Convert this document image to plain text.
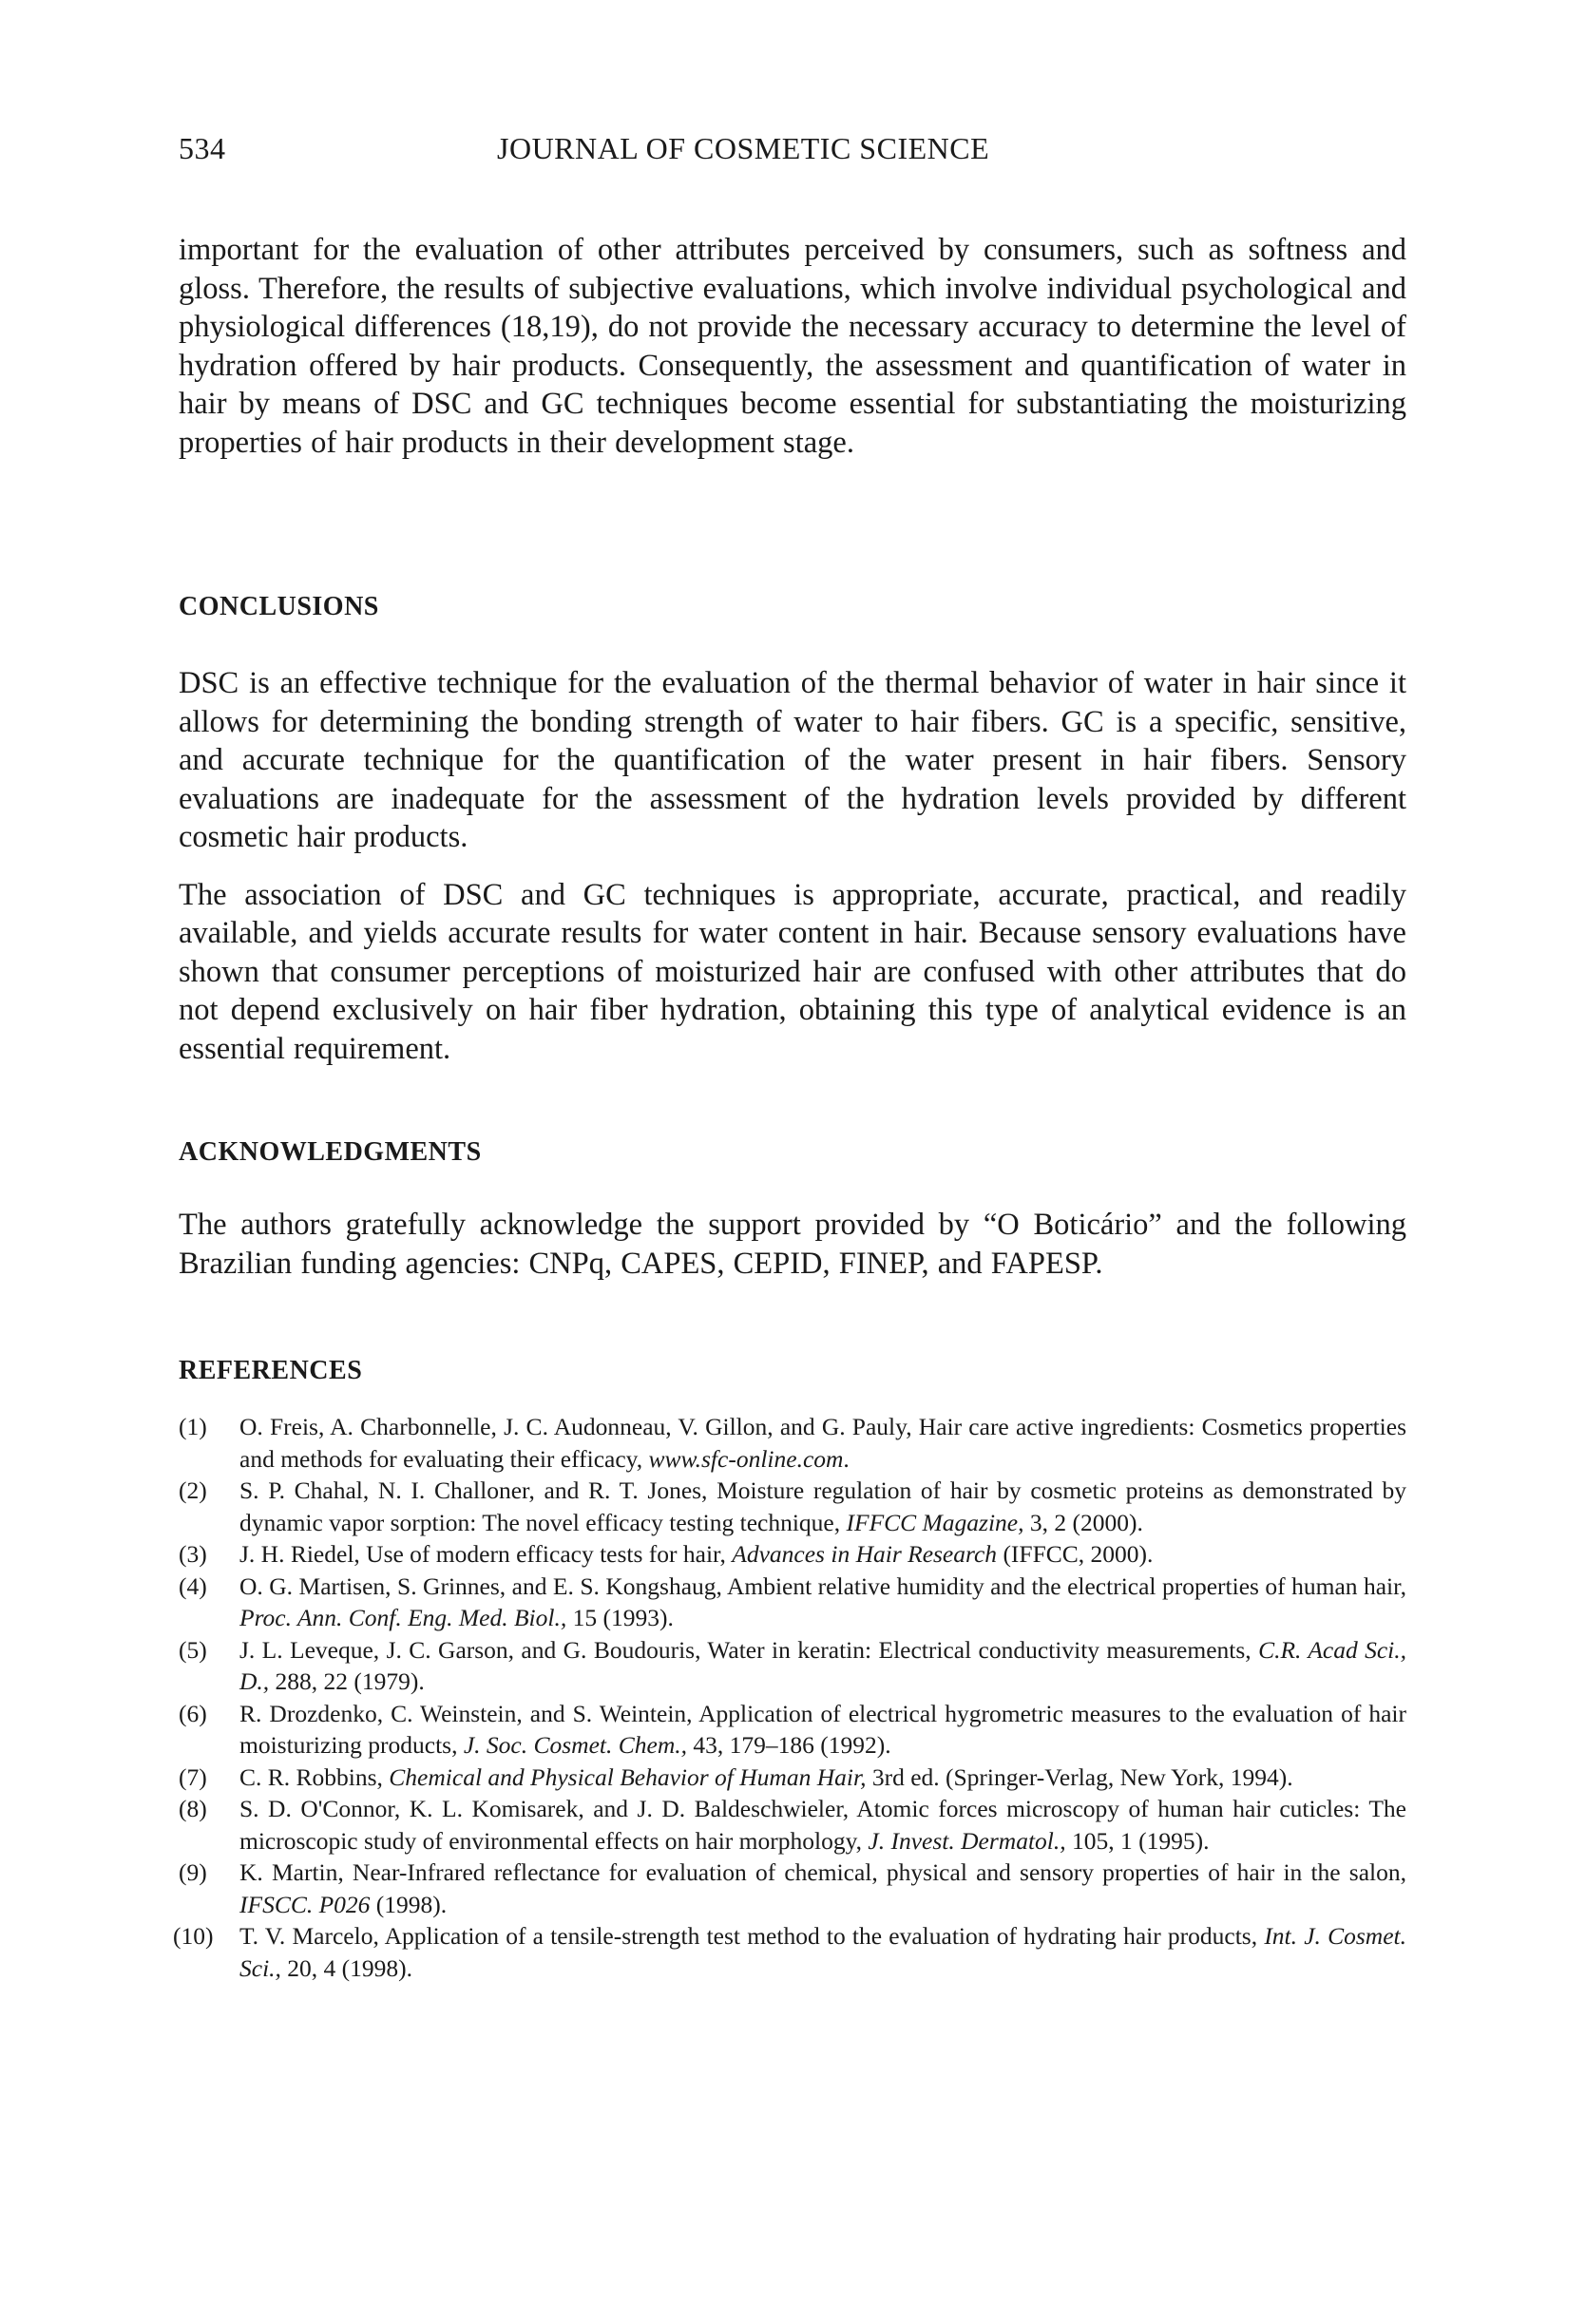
534	JOURNAL OF COSMETIC SCIENCE

important for the evaluation of other attributes perceived by consumers, such as softness and gloss. Therefore, the results of subjective evaluations, which involve individual psychological and physiological differences (18,19), do not provide the necessary accuracy to determine the level of hydration offered by hair products. Consequently, the assessment and quantification of water in hair by means of DSC and GC techniques become essential for substantiating the moisturizing properties of hair products in their development stage.

CONCLUSIONS

DSC is an effective technique for the evaluation of the thermal behavior of water in hair since it allows for determining the bonding strength of water to hair fibers. GC is a specific, sensitive, and accurate technique for the quantification of the water present in hair fibers. Sensory evaluations are inadequate for the assessment of the hydration levels provided by different cosmetic hair products.

The association of DSC and GC techniques is appropriate, accurate, practical, and readily available, and yields accurate results for water content in hair. Because sensory evaluations have shown that consumer perceptions of moisturized hair are confused with other attributes that do not depend exclusively on hair fiber hydration, obtaining this type of analytical evidence is an essential requirement.

ACKNOWLEDGMENTS

The authors gratefully acknowledge the support provided by “O Boticário” and the following Brazilian funding agencies: CNPq, CAPES, CEPID, FINEP, and FAPESP.

REFERENCES
(1)	O. Freis, A. Charbonnelle, J. C. Audonneau, V. Gillon, and G. Pauly, Hair care active ingredients: Cosmetics properties and methods for evaluating their efficacy, www.sfc-online.com.
(2)	S. P. Chahal, N. I. Challoner, and R. T. Jones, Moisture regulation of hair by cosmetic proteins as demonstrated by dynamic vapor sorption: The novel efficacy testing technique, IFFCC Magazine, 3, 2 (2000).
(3)	J. H. Riedel, Use of modern efficacy tests for hair, Advances in Hair Research (IFFCC, 2000).
(4)	O. G. Martisen, S. Grinnes, and E. S. Kongshaug, Ambient relative humidity and the electrical properties of human hair, Proc. Ann. Conf. Eng. Med. Biol., 15 (1993).
(5)	J. L. Leveque, J. C. Garson, and G. Boudouris, Water in keratin: Electrical conductivity measurements, C.R. Acad Sci., D., 288, 22 (1979).
(6)	R. Drozdenko, C. Weinstein, and S. Weintein, Application of electrical hygrometric measures to the evaluation of hair moisturizing products, J. Soc. Cosmet. Chem., 43, 179–186 (1992).
(7)	C. R. Robbins, Chemical and Physical Behavior of Human Hair, 3rd ed. (Springer-Verlag, New York, 1994).
(8)	S. D. O'Connor, K. L. Komisarek, and J. D. Baldeschwieler, Atomic forces microscopy of human hair cuticles: The microscopic study of environmental effects on hair morphology, J. Invest. Dermatol., 105, 1 (1995).
(9)	K. Martin, Near-Infrared reflectance for evaluation of chemical, physical and sensory properties of hair in the salon, IFSCC. P026 (1998).
(10)	T. V. Marcelo, Application of a tensile-strength test method to the evaluation of hydrating hair products, Int. J. Cosmet. Sci., 20, 4 (1998).
